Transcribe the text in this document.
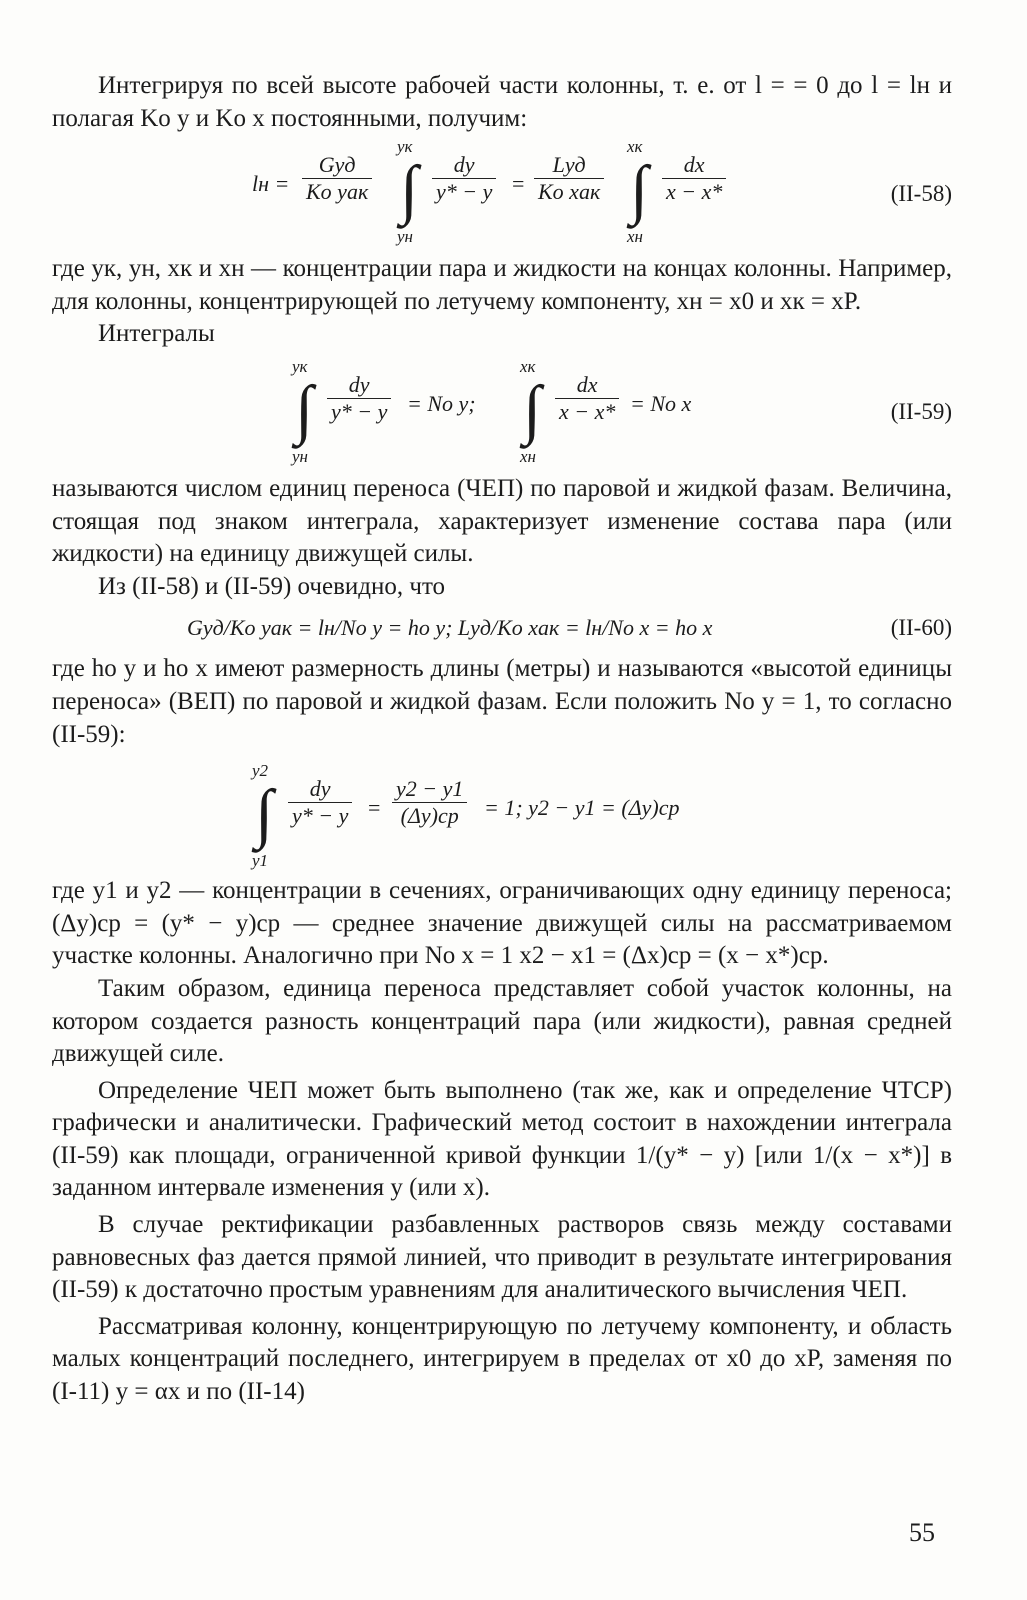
Интегрируя по всей высоте рабочей части колонны, т. е. от l = = 0 до l = lн и полагая Kо y и Kо x постоянными, получим:

lн = $\frac{\text{Gуд}}{\text{Kо yaк}}$
yк
∫
yн
$\frac{dy}{y* - y} = \frac{\text{Lуд}}{\text{Kо xaк}}$
xк
∫
xн
$\frac{dx}{x - x*}$	(II-58)

где yк, yн, xк и xн — концентрации пара и жидкости на концах колонны. Например, для колонны, концентрирующей по летучему компоненту, xн = x0 и xк = xP.

Интегралы

yк
∫
yн
$\frac{dy}{y* - y}$ = Nо y;
xк
∫
xн
$\frac{dx}{x - x*}$ = Nо x	(II-59)

называются числом единиц переноса (ЧЕП) по паровой и жидкой фазам. Величина, стоящая под знаком интеграла, характеризует изменение состава пара (или жидкости) на единицу движущей силы.

Из (II-58) и (II-59) очевидно, что

Gуд/Kо yaк = lн/Nо y = hо y; Lуд/Kо xaк = lн/Nо x = hо x	(II-60)

где hо y и hо x имеют размерность длины (метры) и называются «высотой единицы переноса» (ВЕП) по паровой и жидкой фазам. Если положить Nо y = 1, то согласно (II-59):

y2
∫
y1
$\frac{dy}{y* - y} = \frac{y2 - y1}{(\Delta y)ср} = 1$; y2 − y1 = (Δy)ср

где y1 и y2 — концентрации в сечениях, ограничивающих одну единицу переноса; (Δy)ср = (y* − y)ср — среднее значение движущей силы на рассматриваемом участке колонны. Аналогично при Nо x = 1 x2 − x1 = (Δx)ср = (x − x*)ср.

Таким образом, единица переноса представляет собой участок колонны, на котором создается разность концентраций пара (или жидкости), равная средней движущей силе.

Определение ЧЕП может быть выполнено (так же, как и определение ЧТСР) графически и аналитически. Графический метод состоит в нахождении интеграла (II-59) как площади, ограниченной кривой функции 1/(y* − y) [или 1/(x − x*)] в заданном интервале изменения y (или x).

В случае ректификации разбавленных растворов связь между составами равновесных фаз дается прямой линией, что приводит в результате интегрирования (II-59) к достаточно простым уравнениям для аналитического вычисления ЧЕП.

Рассматривая колонну, концентрирующую по летучему компоненту, и область малых концентраций последнего, интегрируем в пределах от x0 до xP, заменяя по (I-11) y = αx и по (II-14)

55
